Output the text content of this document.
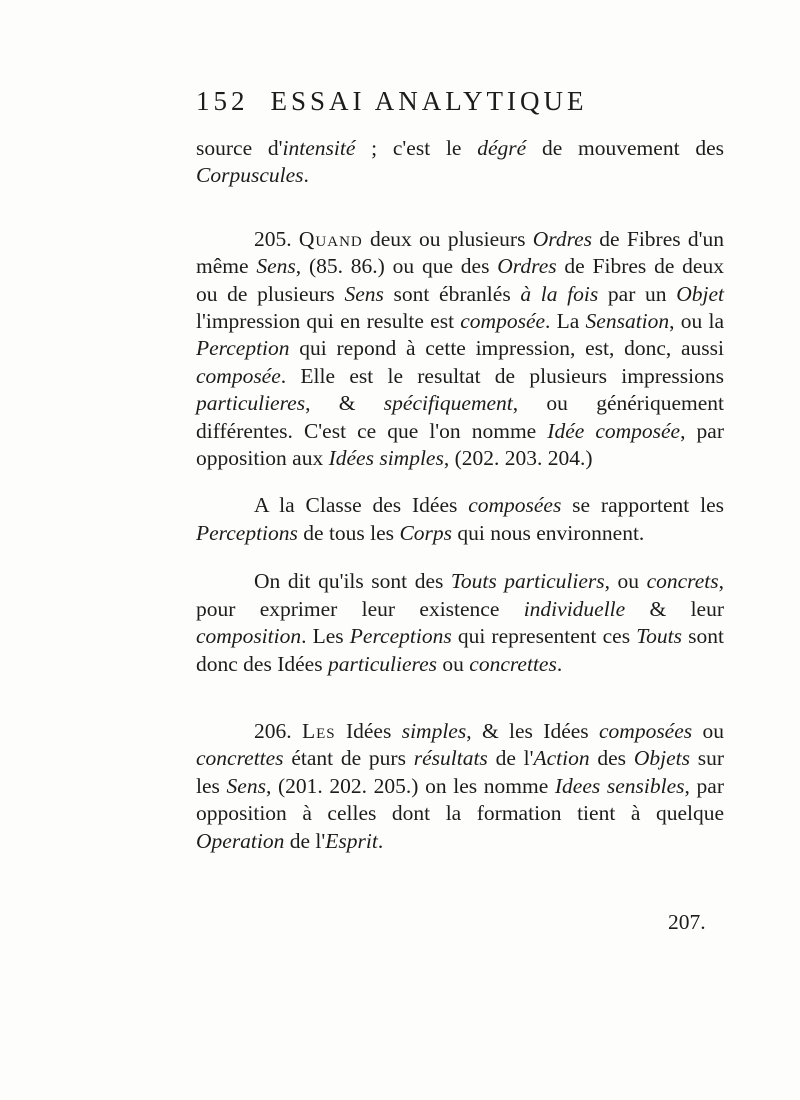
152 ESSAI ANALYTIQUE

source d'intensité ; c'est le dégré de mouvement des Corpuscules.

205. Quand deux ou plusieurs Ordres de Fibres d'un même Sens, (85. 86.) ou que des Ordres de Fibres de deux ou de plusieurs Sens sont ébranlés à la fois par un Objet l'impression qui en resulte est composée. La Sensation, ou la Perception qui repond à cette impression, est, donc, aussi composée. Elle est le resultat de plusieurs impressions particulieres, & spécifiquement, ou génériquement différentes. C'est ce que l'on nomme Idée composée, par opposition aux Idées simples, (202. 203. 204.)

A la Classe des Idées composées se rapportent les Perceptions de tous les Corps qui nous environnent.

On dit qu'ils sont des Touts particuliers, ou concrets, pour exprimer leur existence individuelle & leur composition. Les Perceptions qui representent ces Touts sont donc des Idées particulieres ou concrettes.

206. Les Idées simples, & les Idées composées ou concrettes étant de purs résultats de l'Action des Objets sur les Sens, (201. 202. 205.) on les nomme Idees sensibles, par opposition à celles dont la formation tient à quelque Operation de l'Esprit.

207.
